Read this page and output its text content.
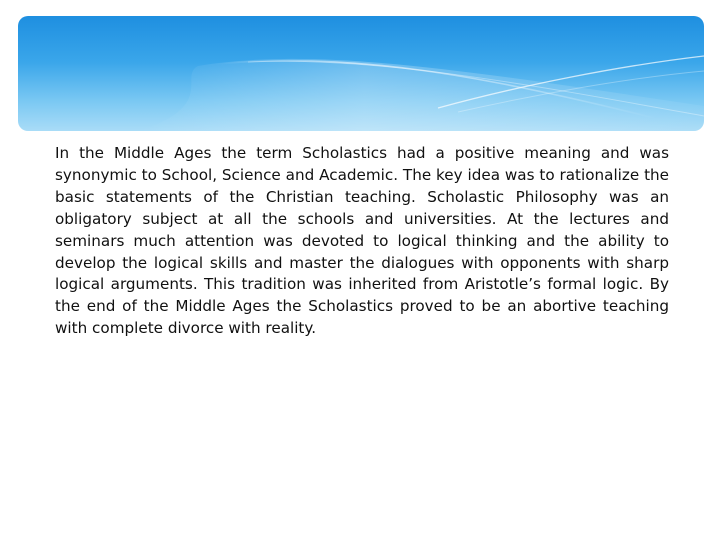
In the Middle Ages the term Scholastics had a positive meaning and was synonymic to School, Science and Academic. The key idea was to rationalize the basic statements of the Christian teaching. Scholastic Philosophy was an obligatory subject at all the schools and universities. At the lectures and seminars much attention was devoted to logical thinking and the ability to develop the logical skills and master the dialogues with opponents with sharp logical arguments. This tradition was inherited from Aristotle’s formal logic. By the end of the Middle Ages the Scholastics proved to be an abortive teaching with complete divorce with reality.
